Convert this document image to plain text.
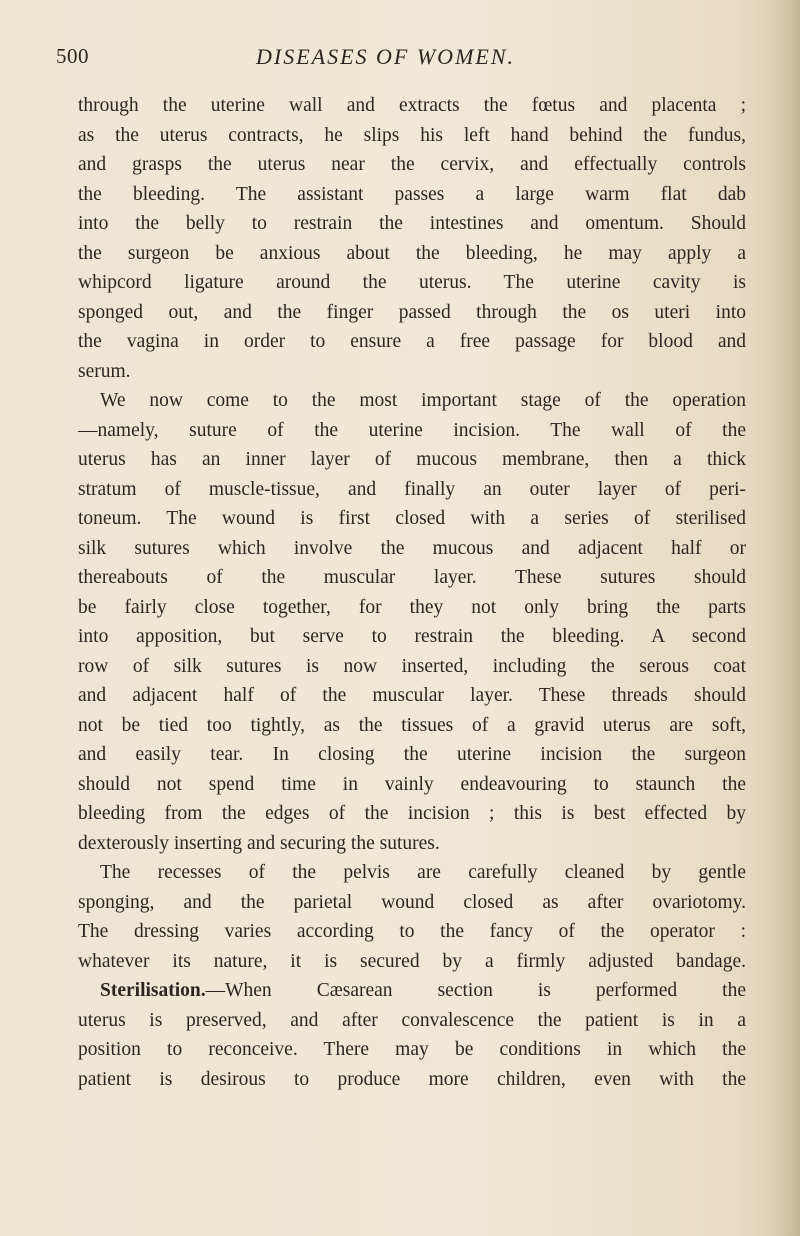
500	DISEASES OF WOMEN.
through the uterine wall and extracts the fœtus and placenta ;
as the uterus contracts, he slips his left hand behind the fundus,
and grasps the uterus near the cervix, and effectually controls
the bleeding. The assistant passes a large warm flat dab
into the belly to restrain the intestines and omentum. Should
the surgeon be anxious about the bleeding, he may apply a
whipcord ligature around the uterus. The uterine cavity is
sponged out, and the finger passed through the os uteri into
the vagina in order to ensure a free passage for blood and
serum.
We now come to the most important stage of the operation
—namely, suture of the uterine incision. The wall of the
uterus has an inner layer of mucous membrane, then a thick
stratum of muscle-tissue, and finally an outer layer of peri-
toneum. The wound is first closed with a series of sterilised
silk sutures which involve the mucous and adjacent half or
thereabouts of the muscular layer. These sutures should
be fairly close together, for they not only bring the parts
into apposition, but serve to restrain the bleeding. A second
row of silk sutures is now inserted, including the serous coat
and adjacent half of the muscular layer. These threads should
not be tied too tightly, as the tissues of a gravid uterus are soft,
and easily tear. In closing the uterine incision the surgeon
should not spend time in vainly endeavouring to staunch the
bleeding from the edges of the incision ; this is best effected by
dexterously inserting and securing the sutures.
The recesses of the pelvis are carefully cleaned by gentle
sponging, and the parietal wound closed as after ovariotomy.
The dressing varies according to the fancy of the operator :
whatever its nature, it is secured by a firmly adjusted bandage.
Sterilisation.—When Cæsarean section is performed the
uterus is preserved, and after convalescence the patient is in a
position to reconceive. There may be conditions in which the
patient is desirous to produce more children, even with the
